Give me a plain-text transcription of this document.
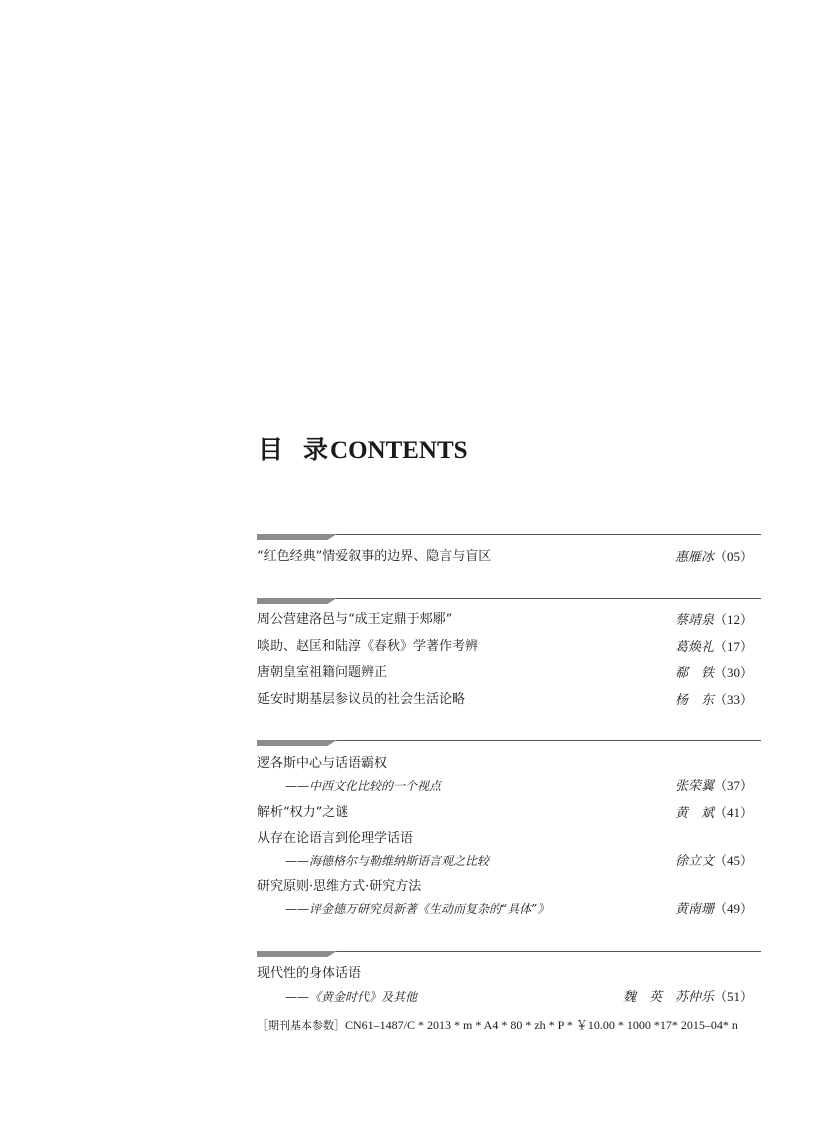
目 录CONTENTS
“红色经典”情爱叙事的边界、隐言与盲区	惠雁冰（05）
周公营建洛邑与“成王定鼎于郏鄏”	蔡靖泉（12）
啖助、赵匡和陆淳《春秋》学著作考辨	葛焕礼（17）
唐朝皇室祖籍问题辨正	郗　铁（30）
延安时期基层参议员的社会生活论略	杨　东（33）
逻各斯中心与话语霸权
——中西文化比较的一个视点	张荣翼（37）
解析“权力”之谜	黄　斌（41）
从存在论语言到伦理学话语
——海德格尔与勒维纳斯语言观之比较	徐立文（45）
研究原则·思维方式·研究方法
——评金德万研究员新著《生动而复杂的“具体”》	黄南珊（49）
现代性的身体话语
——《黄金时代》及其他	魏　英　苏仲乐（51）
［期刊基本参数］CN61–1487/C * 2013 * m * A4 * 80 * zh * P * ￥10.00 * 1000 *17* 2015–04* n
